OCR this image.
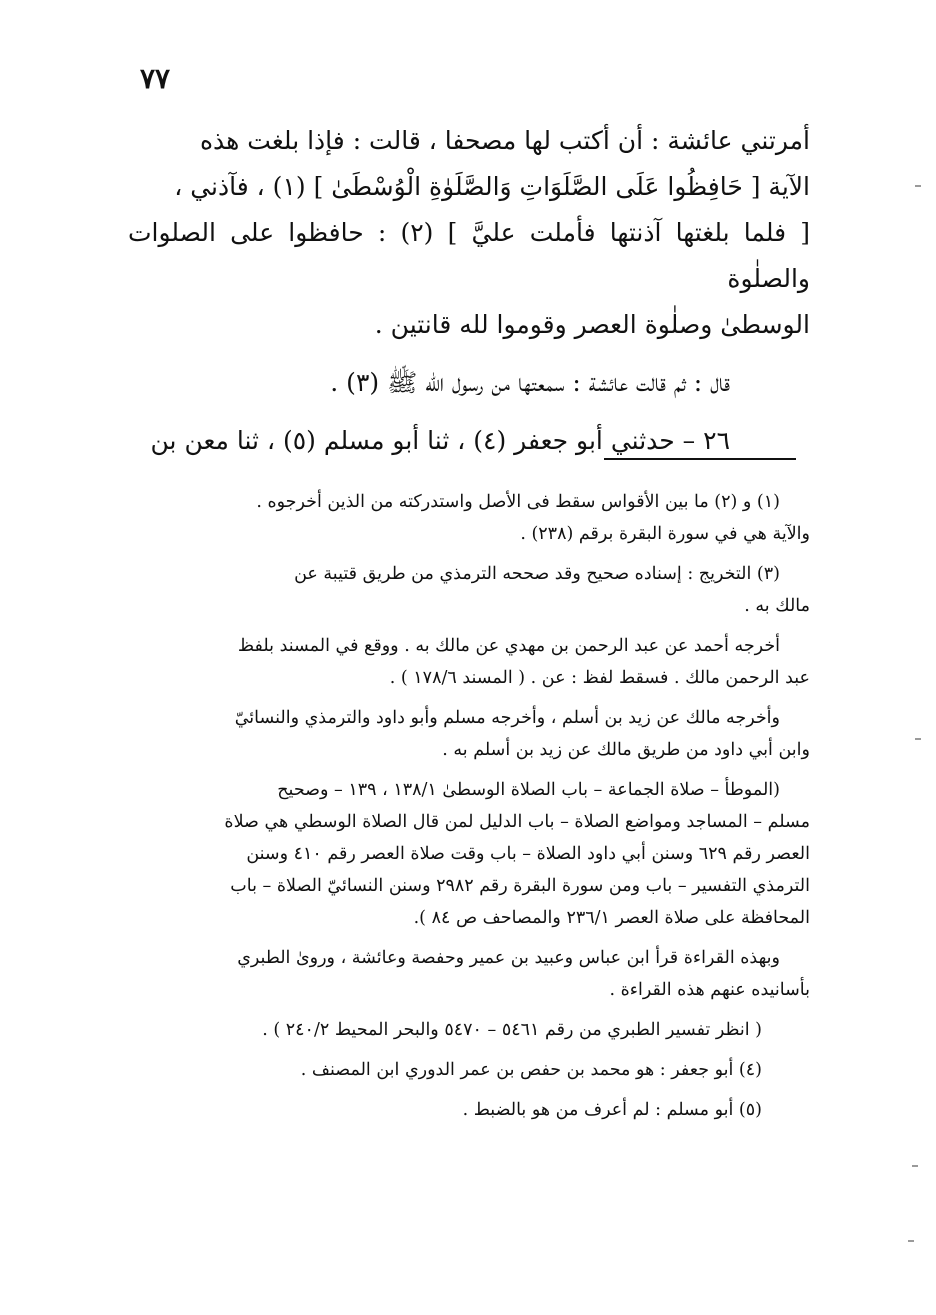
٧٧

أمرتني عائشة : أن أكتب لها مصحفا ، قالت : فإذا بلغت هذه

الآية [ حَافِظُوا عَلَى الصَّلَوَاتِ وَالصَّلَوٰةِ الْوُسْطَىٰ ] (١) ، فآذني ،

[ فلما بلغتها آذنتها فأملت عليَّ ] (٢) : حافظوا على الصلوات والصلٰوة

الوسطىٰ وصلٰوة العصر وقوموا لله قانتين .

قال : ثم قالت عائشة : سمعتها من رسول الله ﷺ (٣) .

٢٦ – حدثني أبو جعفر (٤) ، ثنا أبو مسلم (٥) ، ثنا معن بن

(١) و (٢) ما بين الأقواس سقط فى الأصل واستدركته من الذين أخرجوه .

والآية هي في سورة البقرة برقم (٢٣٨) .

(٣) التخريج : إسناده صحيح وقد صححه الترمذي من طريق قتيبة عن

مالك به .

أخرجه أحمد عن عبد الرحمن بن مهدي عن مالك به . ووقع في المسند بلفظ

عبد الرحمن مالك . فسقط لفظ : عن . ( المسند ١٧٨/٦ ) .

وأخرجه مالك عن زيد بن أسلم ، وأخرجه مسلم وأبو داود والترمذي والنسائيّ

وابن أبي داود من طريق مالك عن زيد بن أسلم به .

(الموطأ – صلاة الجماعة – باب الصلاة الوسطىٰ ١٣٨/١ ، ١٣٩ – وصحيح

مسلم – المساجد ومواضع الصلاة – باب الدليل لمن قال الصلاة الوسطي هي صلاة

العصر رقم ٦٢٩ وسنن أبي داود الصلاة – باب وقت صلاة العصر رقم ٤١٠ وسنن

الترمذي التفسير – باب ومن سورة البقرة رقم ٢٩٨٢ وسنن النسائيّ الصلاة – باب

المحافظة على صلاة العصر ٢٣٦/١ والمصاحف ص ٨٤ ).

وبهذه القراءة قرأ ابن عباس وعبيد بن عمير وحفصة وعائشة ، وروىٰ الطبري

بأسانيده عنهم هذه القراءة .

( انظر تفسير الطبري من رقم ٥٤٦١ – ٥٤٧٠ والبحر المحيط ٢٤٠/٢ ) .

(٤) أبو جعفر : هو محمد بن حفص بن عمر الدوري ابن المصنف .

(٥) أبو مسلم : لم أعرف من هو بالضبط .
